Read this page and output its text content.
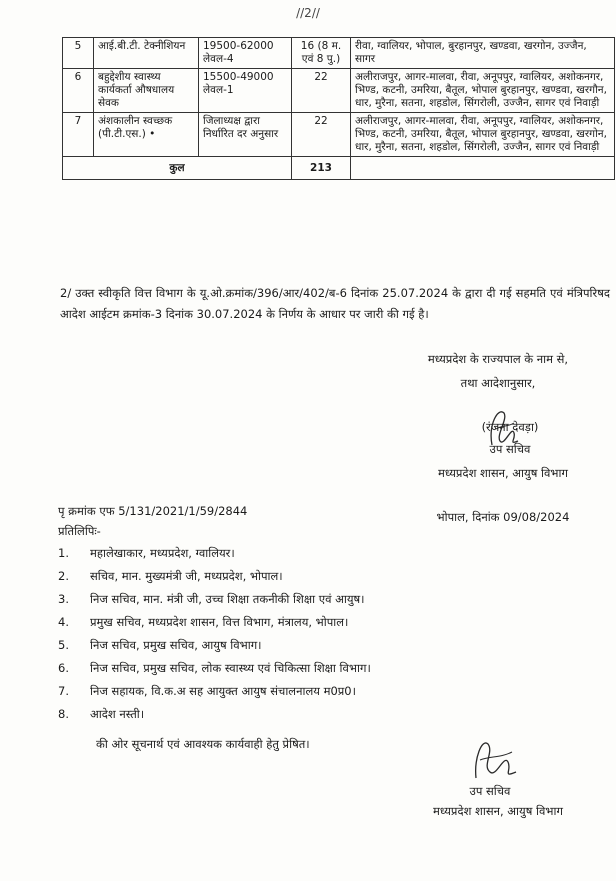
//2//
5	आई.बी.टी. टेक्नीशियन	19500-62000 लेवल-4	16 (8 म. एवं 8 पु.)	रीवा, ग्वालियर, भोपाल, बुरहानपुर, खण्डवा, खरगोन, उज्जैन, सागर
6	बहुद्देशीय स्वास्थ्य कार्यकर्ता औषधालय सेवक	15500-49000 लेवल-1	22	अलीराजपुर, आगर-मालवा, रीवा, अनूपपुर, ग्वालियर, अशोकनगर, भिण्ड, कटनी, उमरिया, बैतूल, भोपाल बुरहानपुर, खण्डवा, खरगौन, धार, मुरैना, सतना, शहडोल, सिंगरोली, उज्जैन, सागर एवं निवाड़ी
7	अंशकालीन स्वच्छक (पी.टी.एस.) •	जिलाध्यक्ष द्वारा निर्धारित दर अनुसार	22	अलीराजपुर, आगर-मालवा, रीवा, अनूपपुर, ग्वालियर, अशोकनगर, भिण्ड, कटनी, उमरिया, बैतूल, भोपाल बुरहानपुर, खण्डवा, खरगोन, धार, मुरैना, सतना, शहडोल, सिंगरोली, उज्जैन, सागर एवं निवाड़ी
कुल			213	
2/ उक्त स्वीकृति वित्त विभाग के यू.ओ.क्रमांक/396/आर/402/ब-6 दिनांक 25.07.2024 के द्वारा दी गई सहमति एवं मंत्रिपरिषद आदेश आईटम क्रमांक-3 दिनांक 30.07.2024 के निर्णय के आधार पर जारी की गई है।
मध्यप्रदेश के राज्यपाल के नाम से,
तथा आदेशानुसार,
(रंजना देवड़ा)
उप सचिव
मध्यप्रदेश शासन, आयुष विभाग
भोपाल, दिनांक 09/08/2024
पृ क्रमांक एफ 5/131/2021/1/59/2844
प्रतिलिपिः-
1.	महालेखाकार, मध्यप्रदेश, ग्वालियर।
2.	सचिव, मान. मुख्यमंत्री जी, मध्यप्रदेश, भोपाल।
3.	निज सचिव, मान. मंत्री जी, उच्च शिक्षा तकनीकी शिक्षा एवं आयुष।
4.	प्रमुख सचिव, मध्यप्रदेश शासन, वित्त विभाग, मंत्रालय, भोपाल।
5.	निज सचिव, प्रमुख सचिव, आयुष विभाग।
6.	निज सचिव, प्रमुख सचिव, लोक स्वास्थ्य एवं चिकित्सा शिक्षा विभाग।
7.	निज सहायक, वि.क.अ सह आयुक्त आयुष संचालनालय म0प्र0।
8.	आदेश नस्ती।
की ओर सूचनार्थ एवं आवश्यक कार्यवाही हेतु प्रेषित।
उप सचिव
मध्यप्रदेश शासन, आयुष विभाग
